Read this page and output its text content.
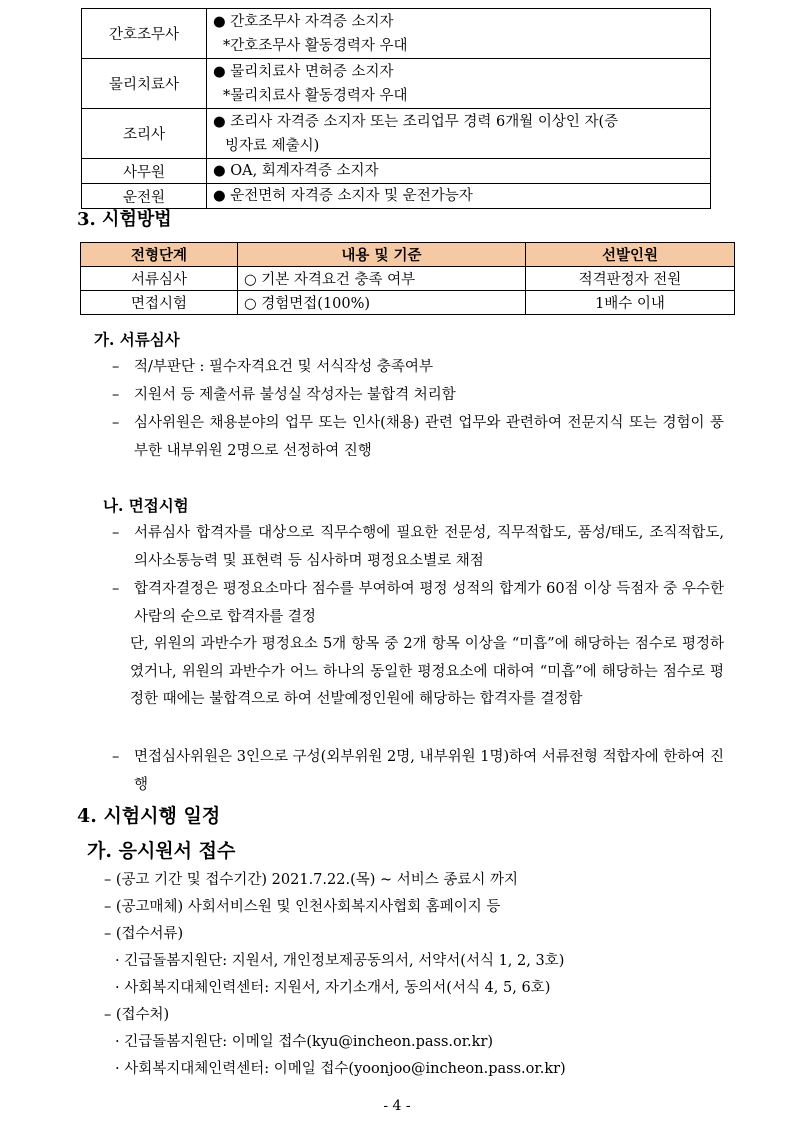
간호조무사	● 간호조무사 자격증 소지자
*간호조무사 활동경력자 우대

물리치료사	● 물리치료사 면허증 소지자
*물리치료사 활동경력자 우대

조리사	● 조리사 자격증 소지자 또는 조리업무 경력 6개월 이상인 자(증
빙자료 제출시)

사무원	● OA, 회계자격증 소지자

운전원	● 운전면허 자격증 소지자 및 운전가능자
3. 시험방법
전형단계	내용 및 기준	선발인원
서류심사	○ 기본 자격요건 충족 여부	적격판정자 전원
면접시험	○ 경험면접(100%)	1배수 이내
가. 서류심사
–	적/부판단 : 필수자격요건 및 서식작성 충족여부
–	지원서 등 제출서류 불성실 작성자는 불합격 처리함
–	심사위원은 채용분야의 업무 또는 인사(채용) 관련 업무와 관련하여 전문지식 또는 경험이 풍부한 내부위원 2명으로 선정하여 진행
나. 면접시험
–	서류심사 합격자를 대상으로 직무수행에 필요한 전문성, 직무적합도, 품성/태도, 조직적합도, 의사소통능력 및 표현력 등 심사하며 평정요소별로 채점
–	합격자결정은 평정요소마다 점수를 부여하여 평정 성적의 합계가 60점 이상 득점자 중 우수한 사람의 순으로 합격자를 결정
단, 위원의 과반수가 평정요소 5개 항목 중 2개 항목 이상을 “미흡”에 해당하는 점수로 평정하였거나, 위원의 과반수가 어느 하나의 동일한 평정요소에 대하여 “미흡”에 해당하는 점수로 평정한 때에는 불합격으로 하여 선발예정인원에 해당하는 합격자를 결정함
–	면접심사위원은 3인으로 구성(외부위원 2명, 내부위원 1명)하여 서류전형 적합자에 한하여 진행
4. 시험시행 일정
가. 응시원서 접수
– (공고 기간 및 접수기간) 2021.7.22.(목) ~ 서비스 종료시 까지
– (공고매체) 사회서비스원 및 인천사회복지사협회 홈페이지 등
– (접수서류)
· 긴급돌봄지원단: 지원서, 개인정보제공동의서, 서약서(서식 1, 2, 3호)
· 사회복지대체인력센터: 지원서, 자기소개서, 동의서(서식 4, 5, 6호)
– (접수처)
· 긴급돌봄지원단: 이메일 접수(kyu@incheon.pass.or.kr)
· 사회복지대체인력센터: 이메일 접수(yoonjoo@incheon.pass.or.kr)
- 4 -
